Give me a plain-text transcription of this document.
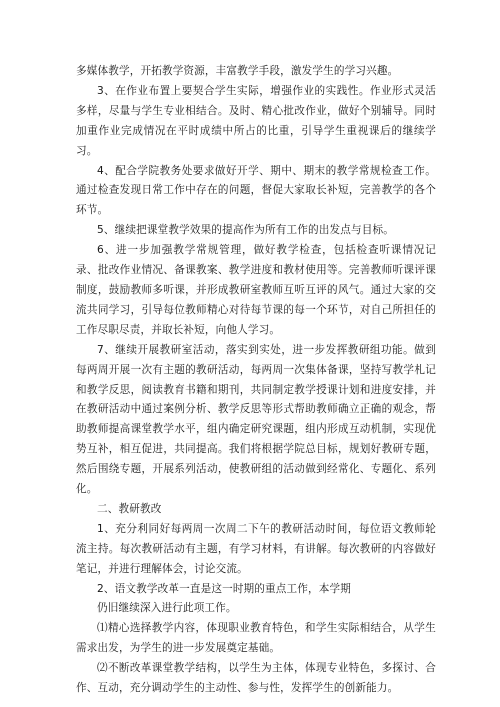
多媒体教学，开拓教学资源，丰富教学手段，激发学生的学习兴趣。

3、在作业布置上要契合学生实际，增强作业的实践性。作业形式灵活多样，尽量与学生专业相结合。及时、精心批改作业，做好个别辅导。同时加重作业完成情况在平时成绩中所占的比重，引导学生重视课后的继续学习。

4、配合学院教务处要求做好开学、期中、期末的教学常规检查工作。通过检查发现日常工作中存在的问题，督促大家取长补短，完善教学的各个环节。

5、继续把课堂教学效果的提高作为所有工作的出发点与目标。

6、进一步加强教学常规管理，做好教学检查，包括检查听课情况记录、批改作业情况、备课教案、教学进度和教材使用等。完善教师听课评课制度，鼓励教师多听课，并形成教研室教师互听互评的风气。通过大家的交流共同学习，引导每位教师精心对待每节课的每一个环节，对自己所担任的工作尽职尽责，并取长补短，向他人学习。

7、继续开展教研室活动，落实到实处，进一步发挥教研组功能。做到每两周开展一次有主题的教研活动，每两周一次集体备课，坚持写教学札记和教学反思，阅读教育书籍和期刊，共同制定教学授课计划和进度安排，并在教研活动中通过案例分析、教学反思等形式帮助教师确立正确的观念，帮助教师提高课堂教学水平，组内确定研究课题，组内形成互动机制，实现优势互补，相互促进，共同提高。我们将根据学院总目标，规划好教研专题，然后围绕专题，开展系列活动，使教研组的活动做到经常化、专题化、系列化。

二、教研教改

1、充分利同好每两周一次周二下午的教研活动时间，每位语文教师轮流主持。每次教研活动有主题，有学习材料，有讲解。每次教研的内容做好笔记，并进行理解体会，讨论交流。

2、语文教学改革一直是这一时期的重点工作，本学期

仍旧继续深入进行此项工作。

⑴精心选择教学内容，体现职业教育特色，和学生实际相结合，从学生需求出发，为学生的进一步发展奠定基础。

⑵不断改革课堂教学结构，以学生为主体，体现专业特色，多探讨、合作、互动，充分调动学生的主动性、参与性，发挥学生的创新能力。
